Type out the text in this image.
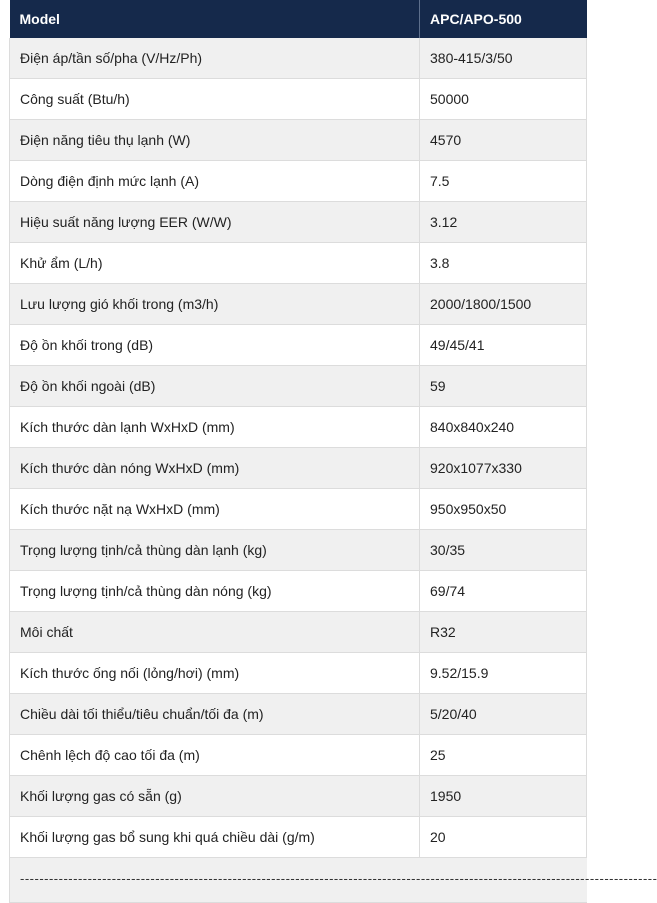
Model	APC/APO-500
Điện áp/tần số/pha (V/Hz/Ph)	380-415/3/50
Công suất (Btu/h)	50000
Điện năng tiêu thụ lạnh (W)	4570
Dòng điện định mức lạnh (A)	7.5
Hiệu suất năng lượng EER (W/W)	3.12
Khử ẩm (L/h)	3.8
Lưu lượng gió khối trong (m3/h)	2000/1800/1500
Độ ồn khối trong (dB)	49/45/41
Độ ồn khối ngoài (dB)	59
Kích thước dàn lạnh WxHxD (mm)	840x840x240
Kích thước dàn nóng WxHxD (mm)	920x1077x330
Kích thước nặt nạ WxHxD (mm)	950x950x50
Trọng lượng tịnh/cả thùng dàn lạnh (kg)	30/35
Trọng lượng tịnh/cả thùng dàn nóng (kg)	69/74
Môi chất	R32
Kích thước ống nối (lỏng/hơi) (mm)	9.52/15.9
Chiều dài tối thiểu/tiêu chuẩn/tối đa (m)	5/20/40
Chênh lệch độ cao tối đa (m)	25
Khối lượng gas có sẵn (g)	1950
Khối lượng gas bổ sung khi quá chiều dài (g/m)	20

------------------------------------------------------------------------------------------------------------------------------------	
